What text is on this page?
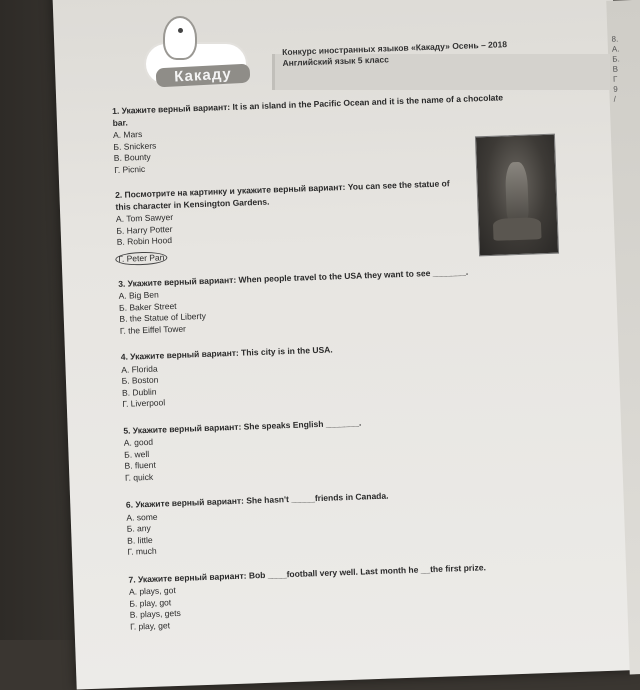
8.
А.
Б.
В
Г
9
/
Какаду
Конкурс иностранных языков «Какаду» Осень – 2018
Английский язык 5 класс

1. Укажите верный вариант: It is an island in the Pacific Ocean and it is the name of a chocolate bar.

А. Mars

Б. Snickers

В. Bounty

Г. Picnic

2. Посмотрите на картинку и укажите верный вариант: You can see the statue of this character in Kensington Gardens.

А. Tom Sawyer

Б. Harry Potter

В. Robin Hood

Г. Peter Pan

3. Укажите верный вариант: When people travel to the USA they want to see _______.

А. Big Ben

Б. Baker Street

В. the Statue of Liberty

Г. the Eiffel Tower

4. Укажите верный вариант: This city is in the USA.

А. Florida

Б. Boston

В. Dublin

Г. Liverpool

5. Укажите верный вариант: She speaks English _______.

А. good

Б. well

В. fluent

Г. quick

6. Укажите верный вариант: She hasn't _____friends in Canada.

А. some

Б. any

В. little

Г. much

7. Укажите верный вариант: Bob ____football very well. Last month he __the first prize.

А. plays, got

Б. play, got

В. plays, gets

Г. play, get
